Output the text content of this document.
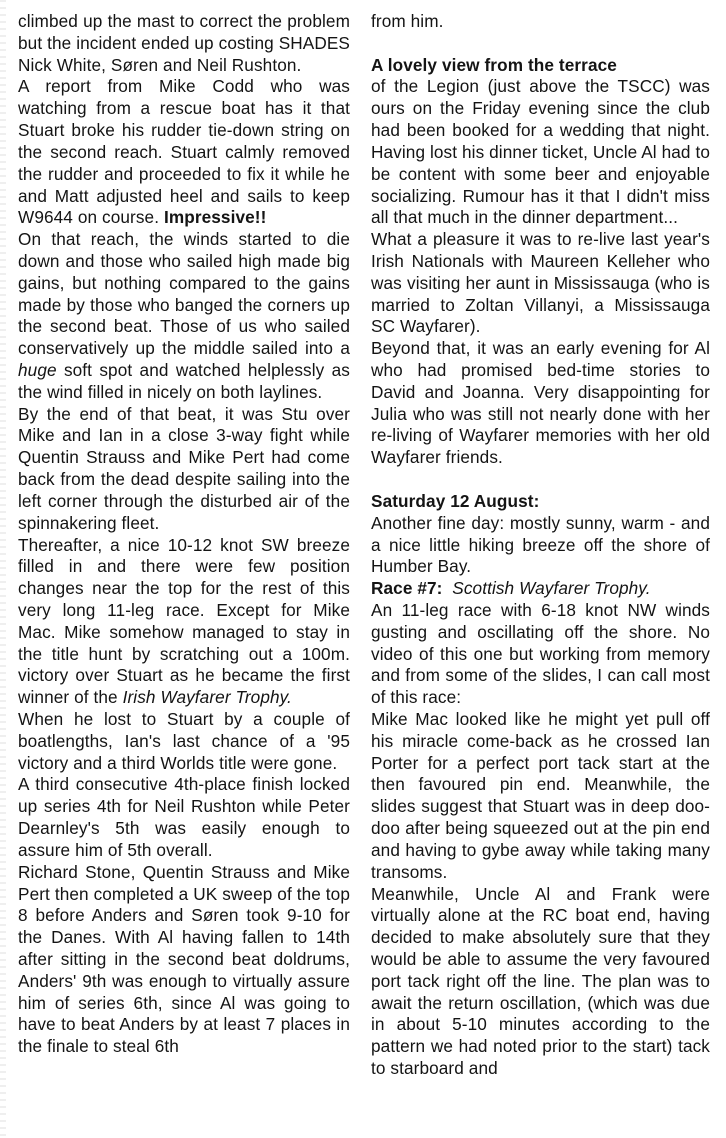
climbed up the mast to correct the problem but the incident ended up costing SHADES Nick White, Søren and Neil Rushton.

A report from Mike Codd who was watching from a rescue boat has it that Stuart broke his rudder tie-down string on the second reach. Stuart calmly removed the rudder and proceeded to fix it while he and Matt adjusted heel and sails to keep W9644 on course. Impressive!!

On that reach, the winds started to die down and those who sailed high made big gains, but nothing compared to the gains made by those who banged the corners up the second beat. Those of us who sailed conservatively up the middle sailed into a huge soft spot and watched helplessly as the wind filled in nicely on both laylines.

By the end of that beat, it was Stu over Mike and Ian in a close 3-way fight while Quentin Strauss and Mike Pert had come back from the dead despite sailing into the left corner through the disturbed air of the spinnakering fleet.

Thereafter, a nice 10-12 knot SW breeze filled in and there were few position changes near the top for the rest of this very long 11-leg race. Except for Mike Mac. Mike somehow managed to stay in the title hunt by scratching out a 100m. victory over Stuart as he became the first winner of the Irish Wayfarer Trophy.

When he lost to Stuart by a couple of boatlengths, Ian's last chance of a '95 victory and a third Worlds title were gone.

A third consecutive 4th-place finish locked up series 4th for Neil Rushton while Peter Dearnley's 5th was easily enough to assure him of 5th overall.

Richard Stone, Quentin Strauss and Mike Pert then completed a UK sweep of the top 8 before Anders and Søren took 9-10 for the Danes. With Al having fallen to 14th after sitting in the second beat doldrums, Anders' 9th was enough to virtually assure him of series 6th, since Al was going to have to beat Anders by at least 7 places in the finale to steal 6th

from him.

A lovely view from the terrace

of the Legion (just above the TSCC) was ours on the Friday evening since the club had been booked for a wedding that night. Having lost his dinner ticket, Uncle Al had to be content with some beer and enjoyable socializing. Rumour has it that I didn't miss all that much in the dinner department...

What a pleasure it was to re-live last year's Irish Nationals with Maureen Kelleher who was visiting her aunt in Mississauga (who is married to Zoltan Villanyi, a Mississauga SC Wayfarer).

Beyond that, it was an early evening for Al who had promised bed-time stories to David and Joanna. Very disappointing for Julia who was still not nearly done with her re-living of Wayfarer memories with her old Wayfarer friends.

Saturday 12 August:

Another fine day: mostly sunny, warm - and a nice little hiking breeze off the shore of Humber Bay.

Race #7: Scottish Wayfarer Trophy.

An 11-leg race with 6-18 knot NW winds gusting and oscillating off the shore. No video of this one but working from memory and from some of the slides, I can call most of this race:

Mike Mac looked like he might yet pull off his miracle come-back as he crossed Ian Porter for a perfect port tack start at the then favoured pin end. Meanwhile, the slides suggest that Stuart was in deep doo-doo after being squeezed out at the pin end and having to gybe away while taking many transoms.

Meanwhile, Uncle Al and Frank were virtually alone at the RC boat end, having decided to make absolutely sure that they would be able to assume the very favoured port tack right off the line. The plan was to await the return oscillation, (which was due in about 5-10 minutes according to the pattern we had noted prior to the start) tack to starboard and
